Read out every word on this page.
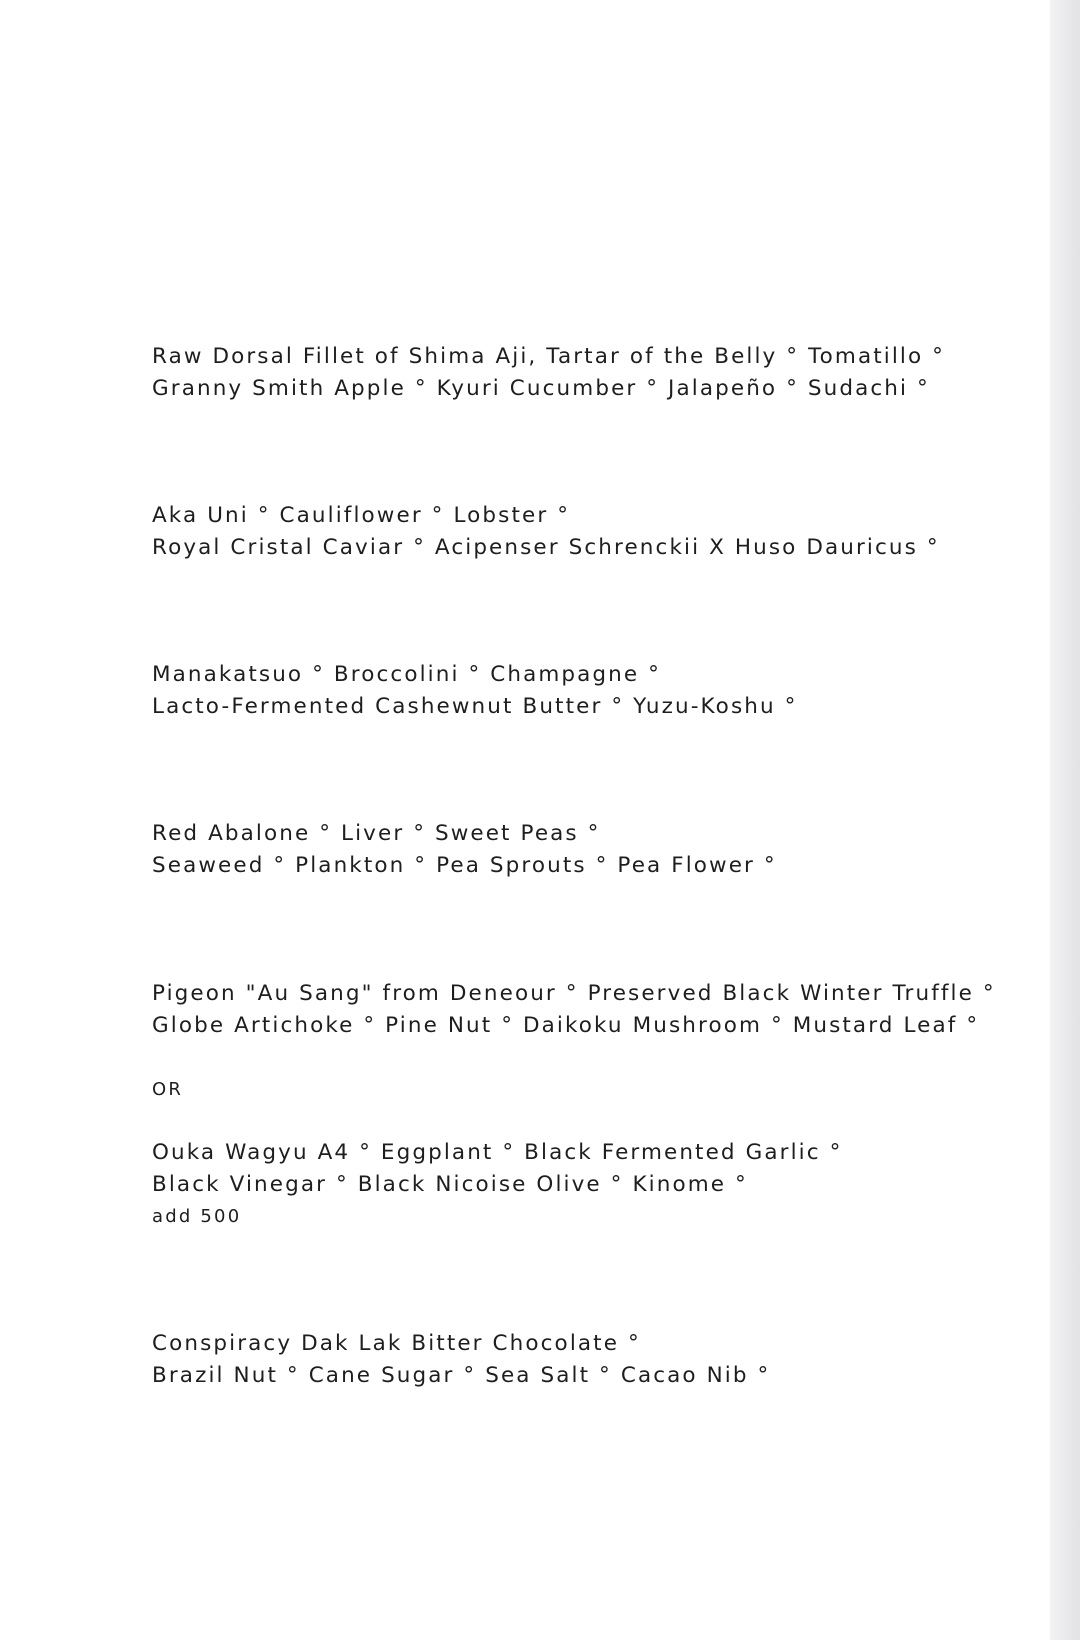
Raw Dorsal Fillet of Shima Aji, Tartar of the Belly ° Tomatillo °

Granny Smith Apple ° Kyuri Cucumber ° Jalapeño ° Sudachi °

Aka Uni ° Cauliflower ° Lobster °

Royal Cristal Caviar ° Acipenser Schrenckii X Huso Dauricus °

Manakatsuo ° Broccolini ° Champagne °

Lacto-Fermented Cashewnut Butter ° Yuzu-Koshu °

Red Abalone ° Liver ° Sweet Peas °

Seaweed ° Plankton ° Pea Sprouts ° Pea Flower °

Pigeon "Au Sang" from Deneour ° Preserved Black Winter Truffle °

Globe Artichoke ° Pine Nut ° Daikoku Mushroom ° Mustard Leaf °

OR

Ouka Wagyu A4 ° Eggplant ° Black Fermented Garlic °

Black Vinegar ° Black Nicoise Olive ° Kinome °

add 500

Conspiracy Dak Lak Bitter Chocolate °

Brazil Nut ° Cane Sugar ° Sea Salt ° Cacao Nib °
